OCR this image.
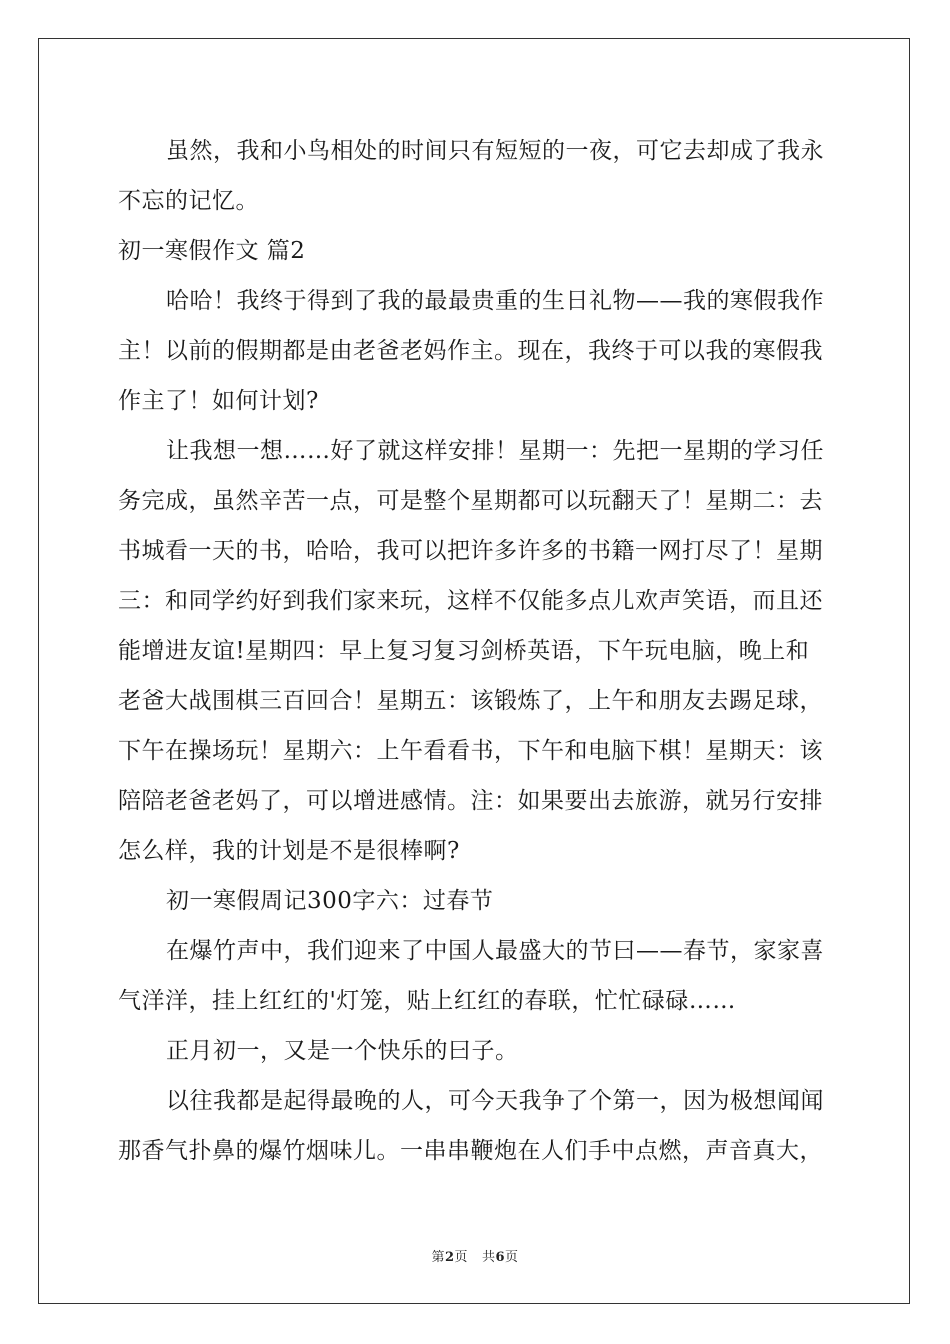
虽然，我和小鸟相处的时间只有短短的一夜，可它去却成了我永
不忘的记忆。
初一寒假作文 篇2
哈哈！我终于得到了我的最最贵重的生日礼物——我的寒假我作
主！以前的假期都是由老爸老妈作主。现在，我终于可以我的寒假我
作主了！如何计划?
让我想一想……好了就这样安排！星期一：先把一星期的学习任
务完成，虽然辛苦一点，可是整个星期都可以玩翻天了！星期二：去
书城看一天的书，哈哈，我可以把许多许多的书籍一网打尽了！星期
三：和同学约好到我们家来玩，这样不仅能多点儿欢声笑语，而且还
能增进友谊!星期四：早上复习复习剑桥英语，下午玩电脑，晚上和
老爸大战围棋三百回合！星期五：该锻炼了，上午和朋友去踢足球，
下午在操场玩！星期六：上午看看书，下午和电脑下棋！星期天：该
陪陪老爸老妈了，可以增进感情。注：如果要出去旅游，就另行安排
怎么样，我的计划是不是很棒啊?
初一寒假周记300字六：过春节
在爆竹声中，我们迎来了中国人最盛大的节曰——春节，家家喜
气洋洋，挂上红红的'灯笼，贴上红红的春联，忙忙碌碌……
正月初一，又是一个快乐的曰子。
以往我都是起得最晚的人，可今天我争了个第一，因为极想闻闻
那香气扑鼻的爆竹烟味儿。一串串鞭炮在人们手中点燃，声音真大，
第2页 共6页
